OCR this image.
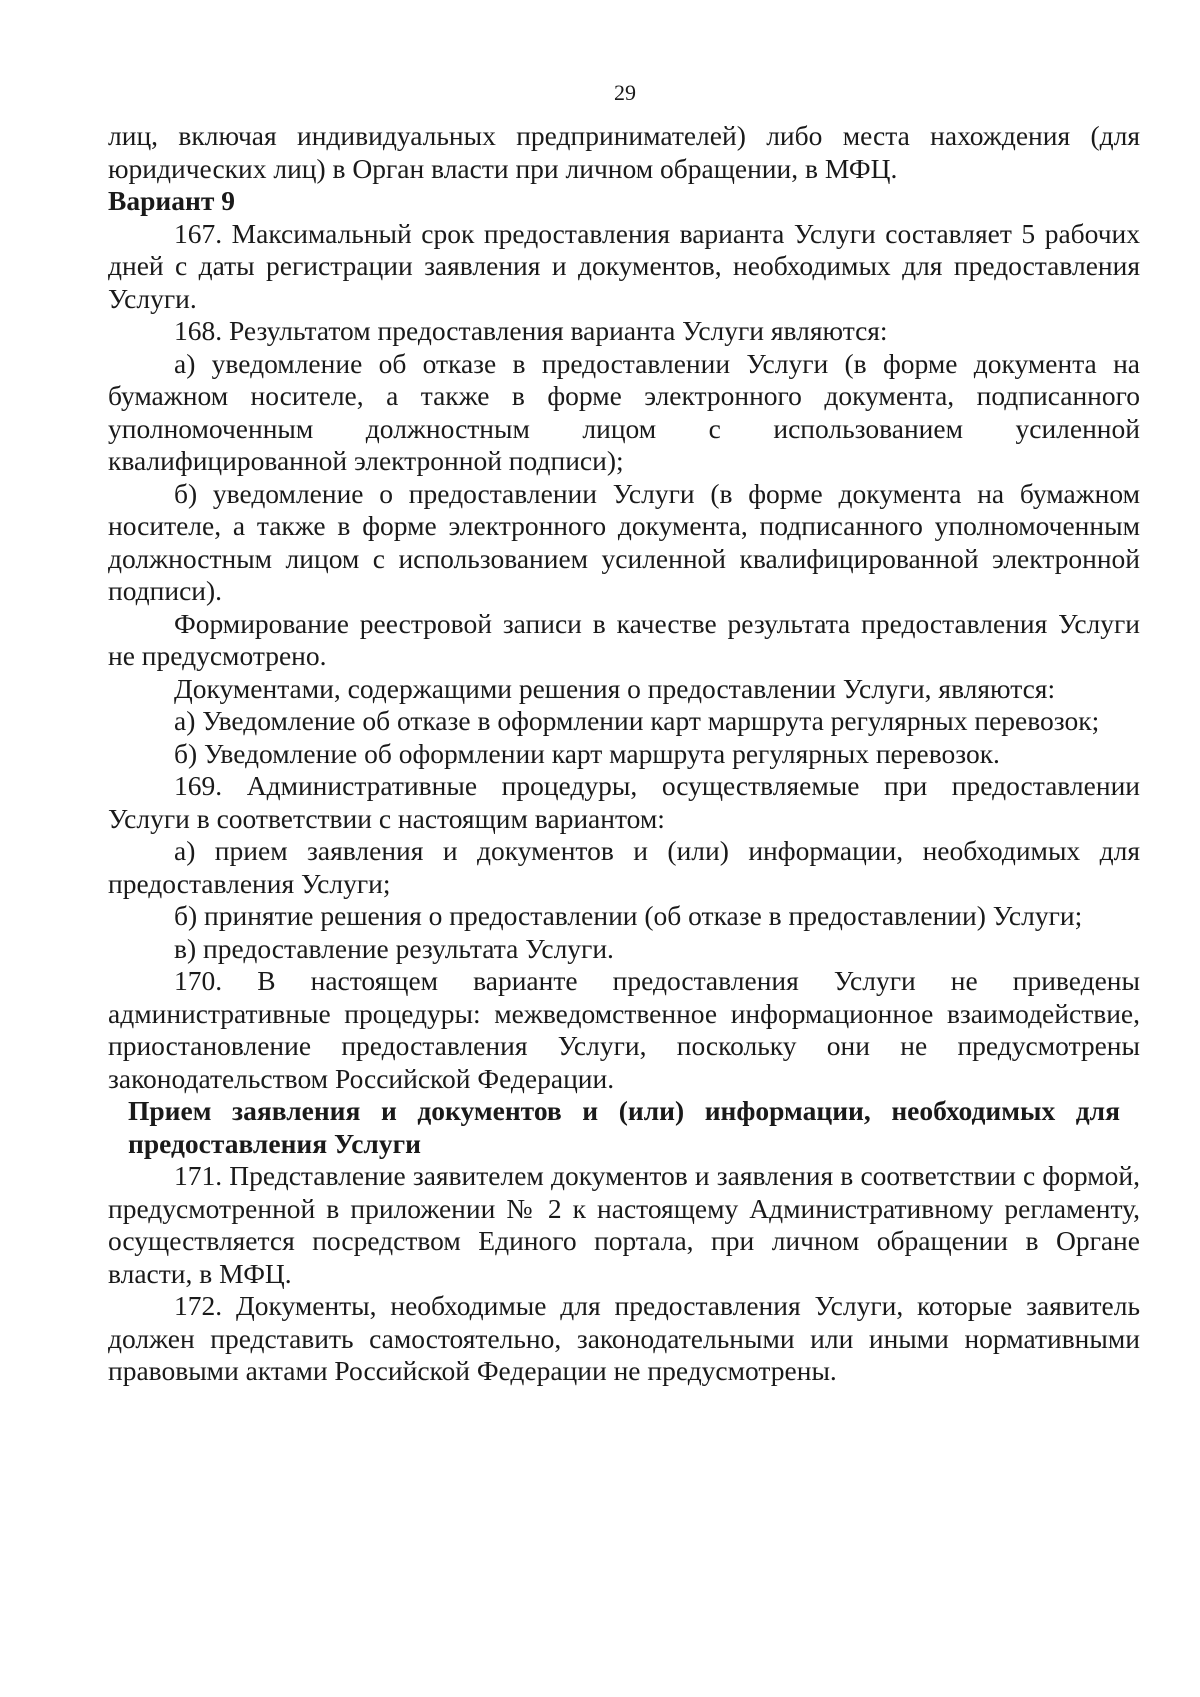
29

лиц, включая индивидуальных предпринимателей) либо места нахождения (для юридических лиц) в Орган власти при личном обращении, в МФЦ.

Вариант 9

167. Максимальный срок предоставления варианта Услуги составляет 5 рабочих дней с даты регистрации заявления и документов, необходимых для предоставления Услуги.

168. Результатом предоставления варианта Услуги являются:

а) уведомление об отказе в предоставлении Услуги (в форме документа на бумажном носителе, а также в форме электронного документа, подписанного уполномоченным должностным лицом с использованием усиленной квалифицированной электронной подписи);

б) уведомление о предоставлении Услуги (в форме документа на бумажном носителе, а также в форме электронного документа, подписанного уполномоченным должностным лицом с использованием усиленной квалифицированной электронной подписи).

Формирование реестровой записи в качестве результата предоставления Услуги не предусмотрено.

Документами, содержащими решения о предоставлении Услуги, являются:

а) Уведомление об отказе в оформлении карт маршрута регулярных перевозок;

б) Уведомление об оформлении карт маршрута регулярных перевозок.

169. Административные процедуры, осуществляемые при предоставлении Услуги в соответствии с настоящим вариантом:

а) прием заявления и документов и (или) информации, необходимых для предоставления Услуги;

б) принятие решения о предоставлении (об отказе в предоставлении) Услуги;

в) предоставление результата Услуги.

170. В настоящем варианте предоставления Услуги не приведены административные процедуры: межведомственное информационное взаимодействие, приостановление предоставления Услуги, поскольку они не предусмотрены законодательством Российской Федерации.

Прием заявления и документов и (или) информации, необходимых для предоставления Услуги

171. Представление заявителем документов и заявления в соответствии с формой, предусмотренной в приложении № 2 к настоящему Административному регламенту, осуществляется посредством Единого портала, при личном обращении в Органе власти, в МФЦ.

172. Документы, необходимые для предоставления Услуги, которые заявитель должен представить самостоятельно, законодательными или иными нормативными правовыми актами Российской Федерации не предусмотрены.
